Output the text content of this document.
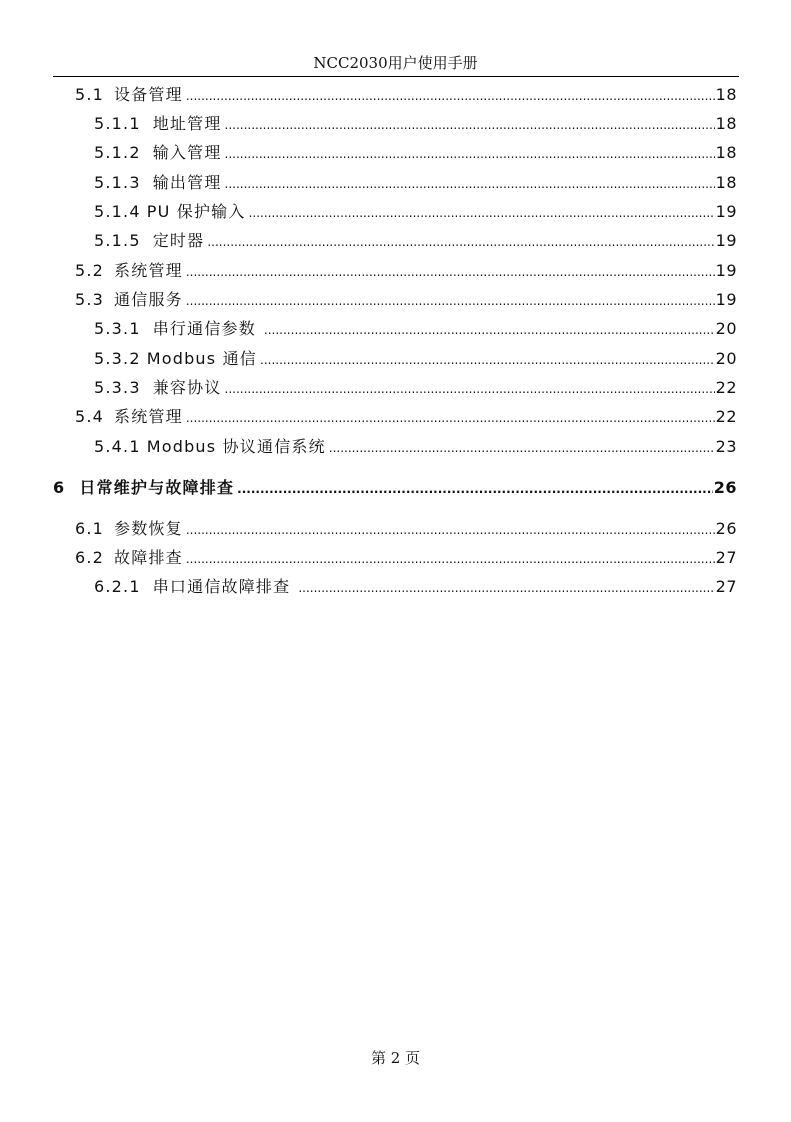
NCC2030用户使用手册
5.1 设备管理 .....	18
5.1.1 地址管理 .....	18
5.1.2 输入管理 .....	18
5.1.3 输出管理 .....	18
5.1.4 PU 保护输入 .....	19
5.1.5 定时器 .....	19
5.2 系统管理 .....	19
5.3 通信服务 .....	19
5.3.1 串行通信参数 .....	20
5.3.2 Modbus 通信 .....	20
5.3.3 兼容协议 .....	22
5.4 系统管理 .....	22
5.4.1 Modbus 协议通信系统 .....	23
6 日常维护与故障排查 .....	26
6.1 参数恢复 .....	26
6.2 故障排查 .....	27
6.2.1 串口通信故障排查 .....	27
第 2 页
